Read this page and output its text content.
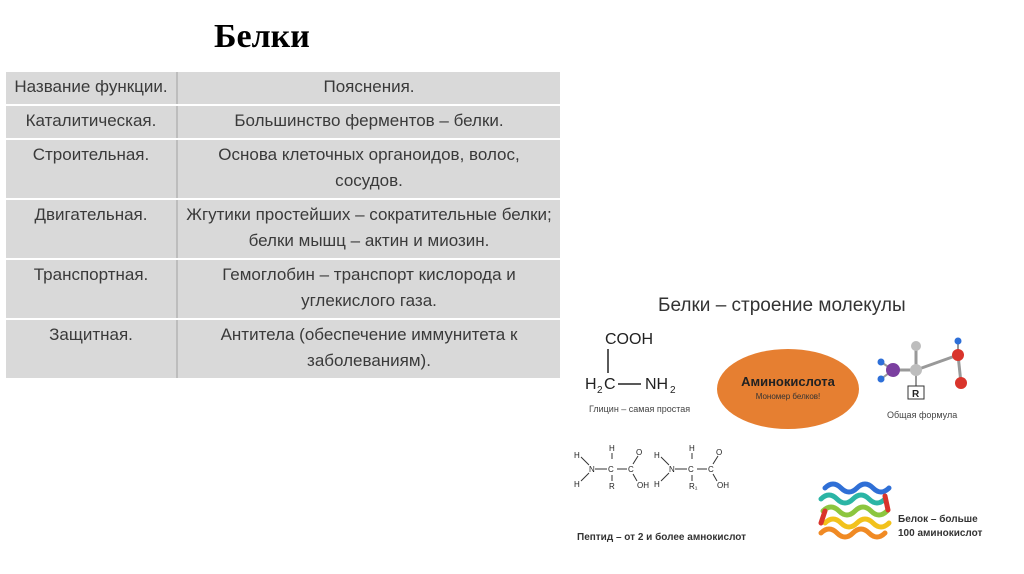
Белки
Название функции.	Пояснения.
Каталитическая.	Большинство ферментов – белки.
Строительная.	Основа клеточных органоидов, волос, сосудов.
Двигательная.	Жгутики простейших – сократительные белки; белки мышц – актин и миозин.
Транспортная.	Гемоглобин – транспорт кислорода и углекислого газа.
Защитная.	Антитела (обеспечение иммунитета к заболеваниям).
Белки – строение молекулы
COOH
H 2 C NH 2	R
H
N
H
H
C
R
C
O
OH
H
N
H
H
C
R₁
C
O
OH
Глицин – самая простая
Аминокислота
Мономер белков!
Общая формула
Пептид – от 2 и более амнокислот
Белок – больше
100 аминокислот
